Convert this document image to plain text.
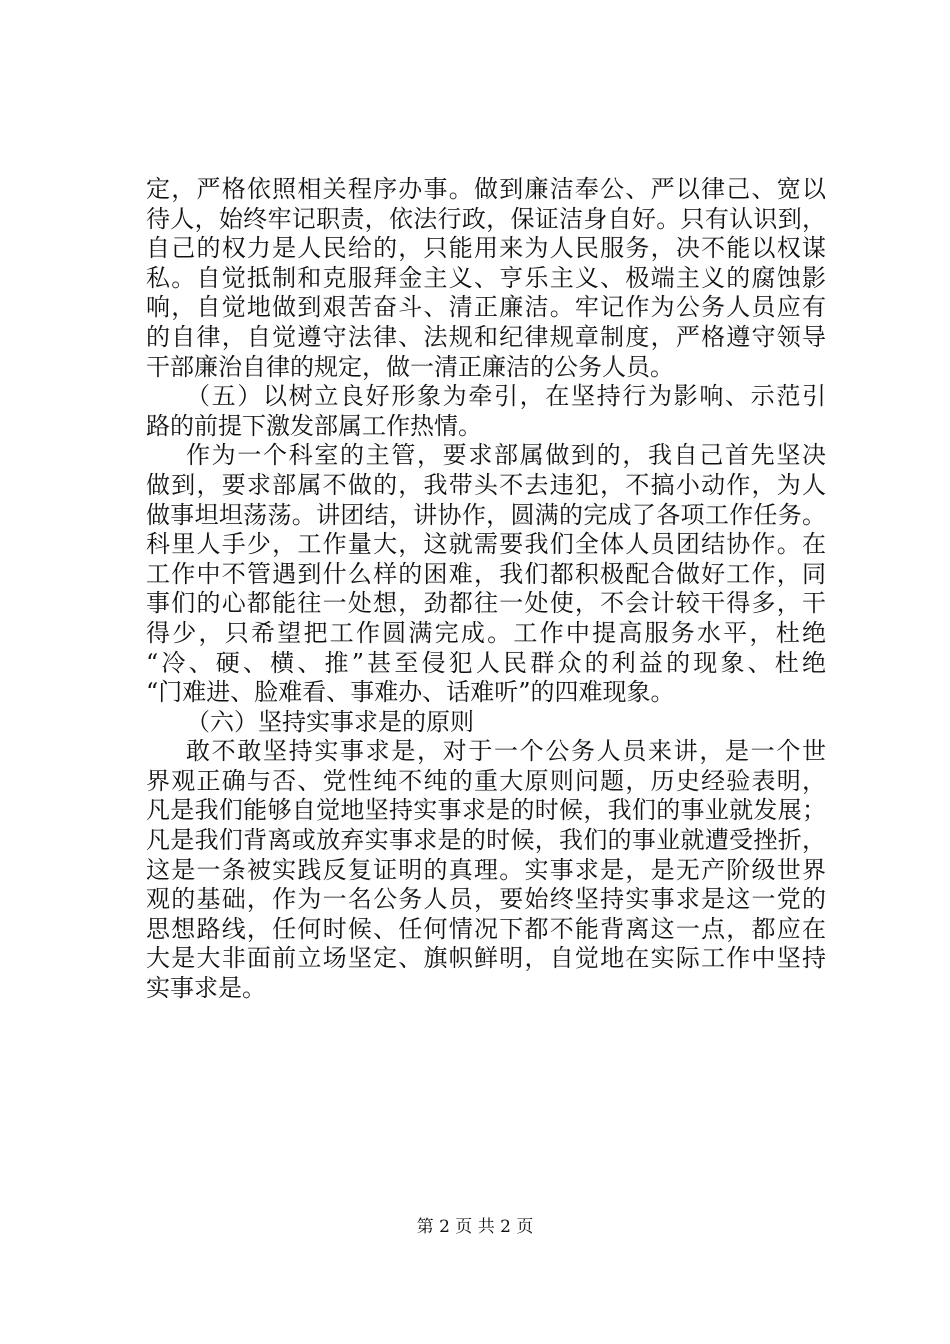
定，严格依照相关程序办事。做到廉洁奉公、严以律己、宽以
待人，始终牢记职责，依法行政，保证洁身自好。只有认识到，
自己的权力是人民给的，只能用来为人民服务，决不能以权谋
私。自觉抵制和克服拜金主义、亨乐主义、极端主义的腐蚀影
响，自觉地做到艰苦奋斗、清正廉洁。牢记作为公务人员应有
的自律，自觉遵守法律、法规和纪律规章制度，严格遵守领导
干部廉治自律的规定，做一清正廉洁的公务人员。
（五）以树立良好形象为牵引，在坚持行为影响、示范引
路的前提下激发部属工作热情。
作为一个科室的主管，要求部属做到的，我自己首先坚决
做到，要求部属不做的，我带头不去违犯，不搞小动作，为人
做事坦坦荡荡。讲团结，讲协作，圆满的完成了各项工作任务。
科里人手少，工作量大，这就需要我们全体人员团结协作。在
工作中不管遇到什么样的困难，我们都积极配合做好工作，同
事们的心都能往一处想，劲都往一处使，不会计较干得多，干
得少，只希望把工作圆满完成。工作中提高服务水平，杜绝
“冷、硬、横、推”甚至侵犯人民群众的利益的现象、杜绝
“门难进、脸难看、事难办、话难听”的四难现象。
（六）坚持实事求是的原则
敢不敢坚持实事求是，对于一个公务人员来讲，是一个世
界观正确与否、党性纯不纯的重大原则问题，历史经验表明，
凡是我们能够自觉地坚持实事求是的时候，我们的事业就发展；
凡是我们背离或放弃实事求是的时候，我们的事业就遭受挫折，
这是一条被实践反复证明的真理。实事求是，是无产阶级世界
观的基础，作为一名公务人员，要始终坚持实事求是这一党的
思想路线，任何时候、任何情况下都不能背离这一点，都应在
大是大非面前立场坚定、旗帜鲜明，自觉地在实际工作中坚持
实事求是。
第 2 页 共 2 页
